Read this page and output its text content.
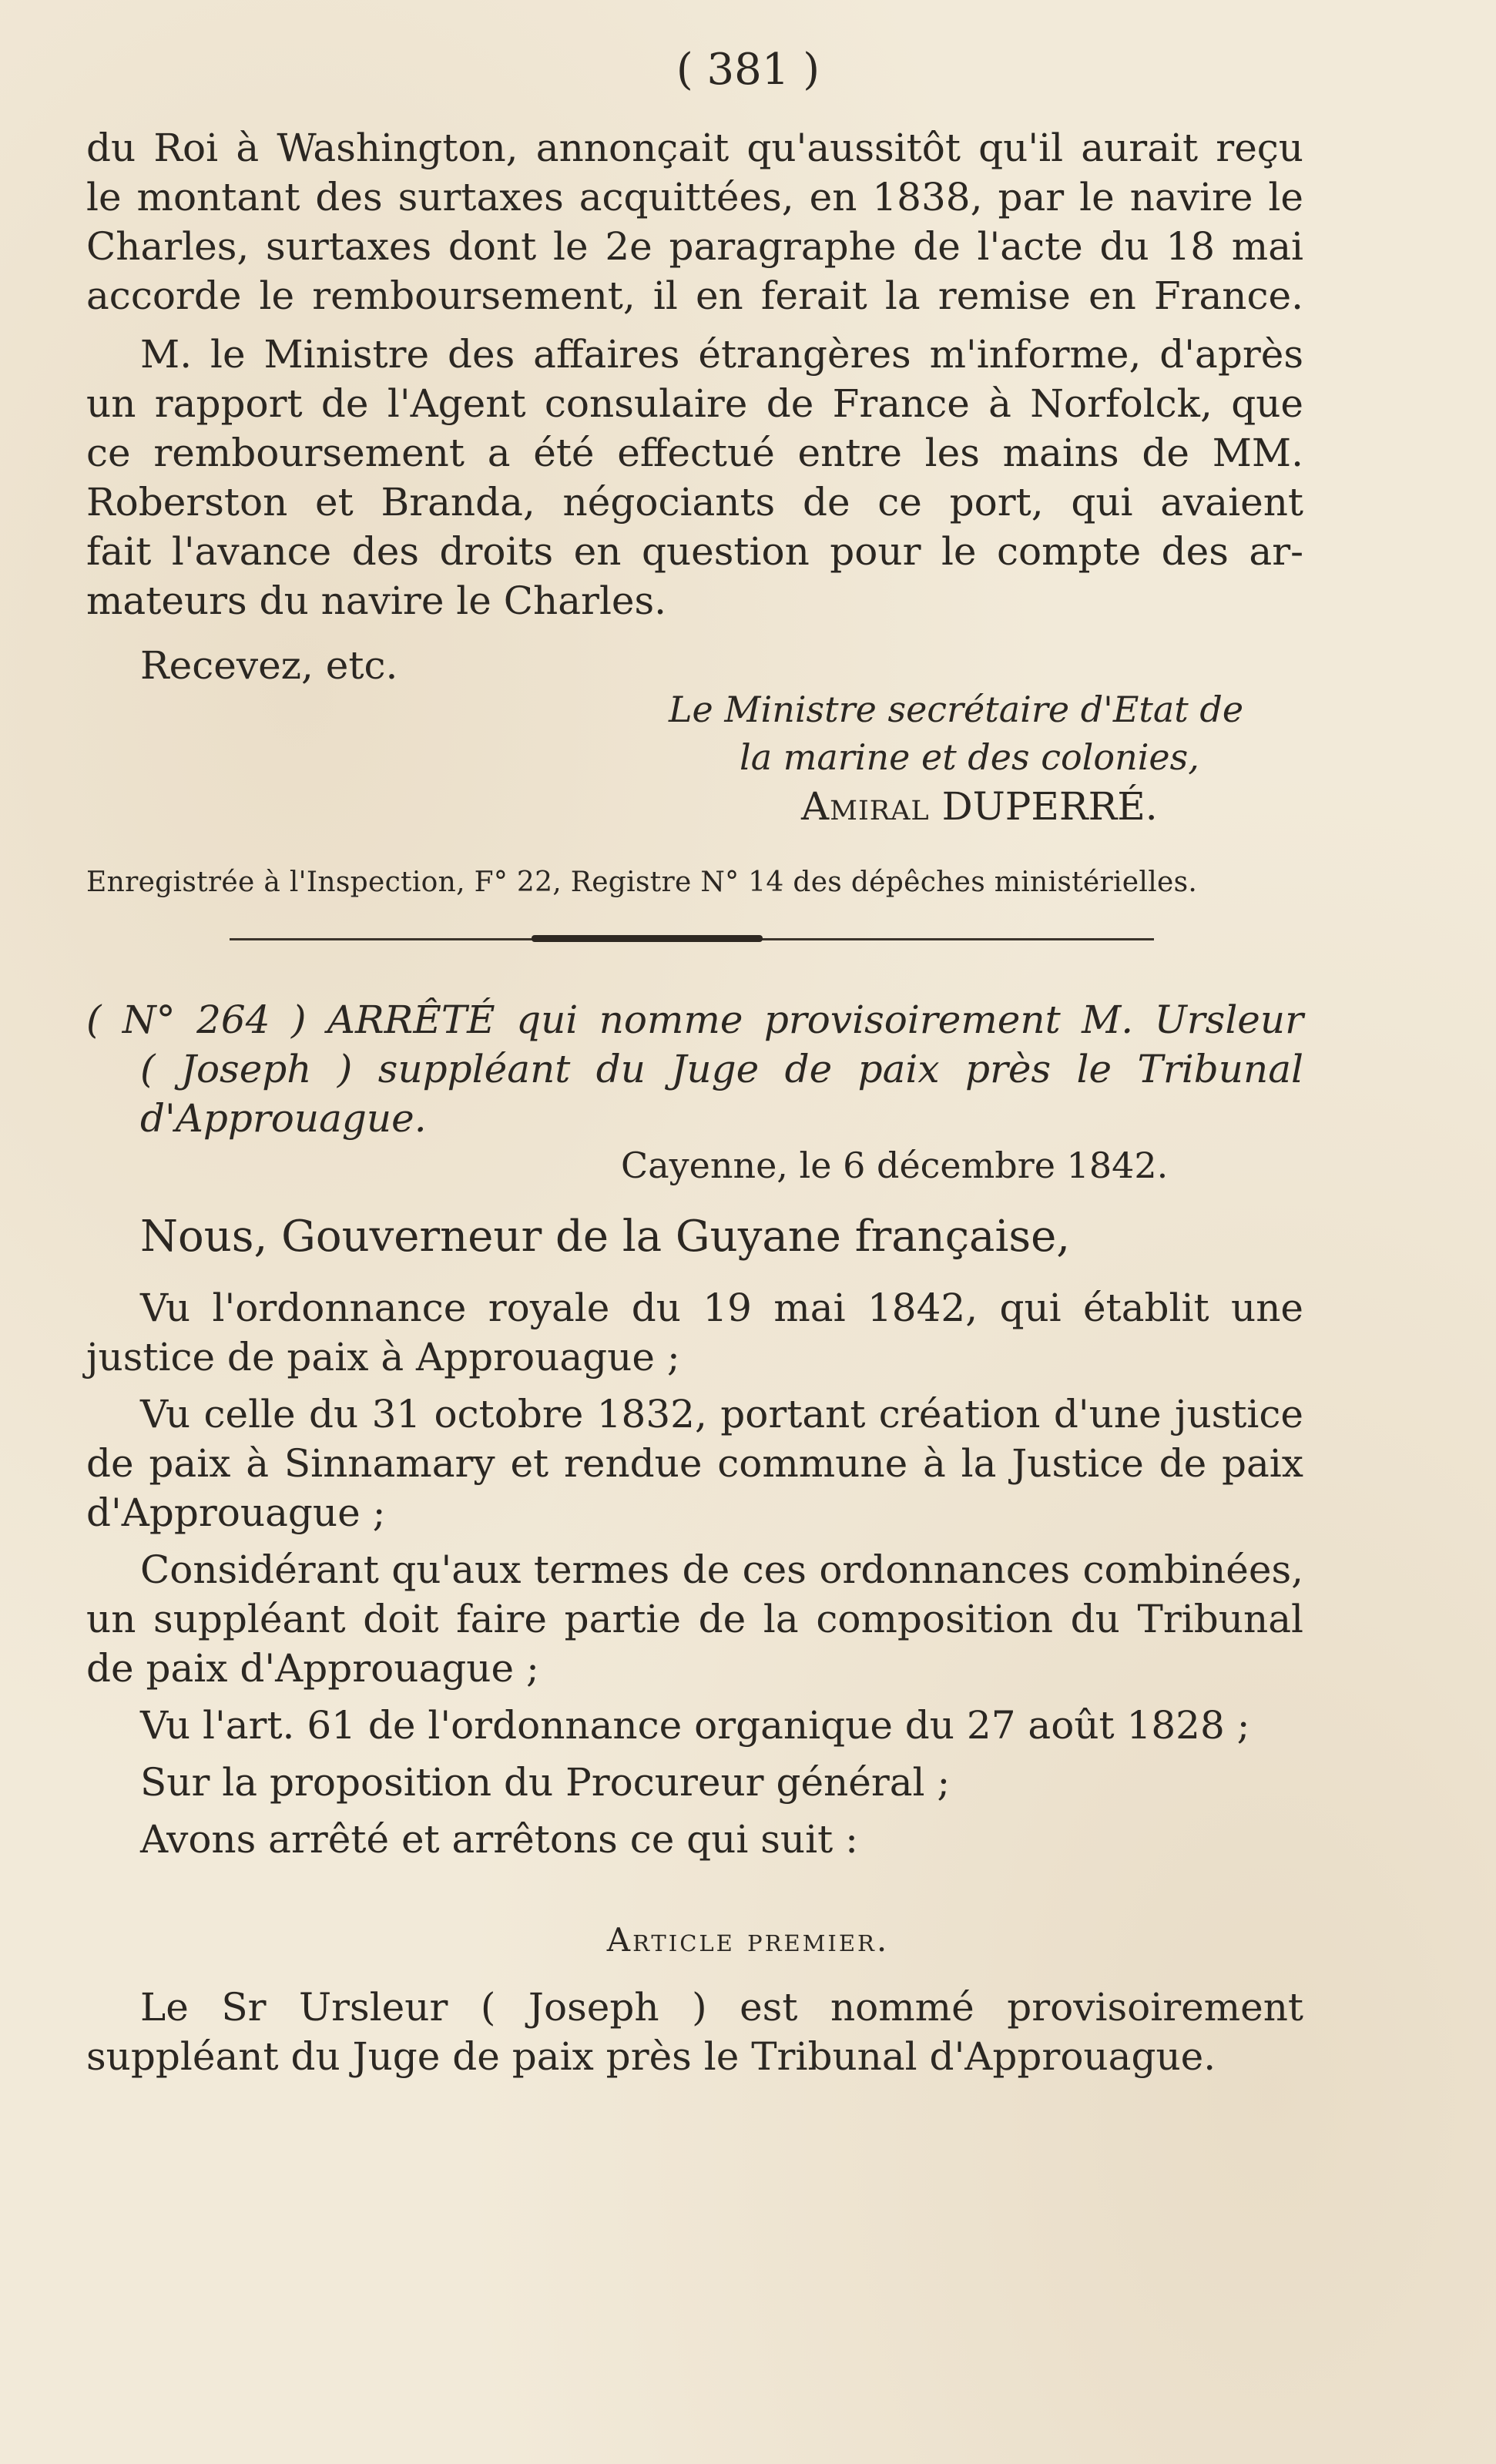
( 381 )
du Roi à Washington, annonçait qu'aussitôt qu'il aurait reçu
le montant des surtaxes acquittées, en 1838, par le navire le
Charles, surtaxes dont le 2e paragraphe de l'acte du 18 mai
accorde le remboursement, il en ferait la remise en France.
M. le Ministre des affaires étrangères m'informe, d'après
un rapport de l'Agent consulaire de France à Norfolck, que
ce remboursement a été effectué entre les mains de MM.
Roberston et Branda, négociants de ce port, qui avaient
fait l'avance des droits en question pour le compte des ar-
mateurs du navire le Charles.
Recevez, etc.
Le Ministre secrétaire d'Etat de
la marine et des colonies,
Amiral DUPERRÉ.
Enregistrée à l'Inspection, F° 22, Registre N° 14 des dépêches ministérielles.
( N° 264 ) ARRÊTÉ qui nomme provisoirement M. Ursleur
( Joseph ) suppléant du Juge de paix près le Tribunal
d'Approuague.
Cayenne, le 6 décembre 1842.
Nous, Gouverneur de la Guyane française,
Vu l'ordonnance royale du 19 mai 1842, qui établit une
justice de paix à Approuague ;
Vu celle du 31 octobre 1832, portant création d'une justice
de paix à Sinnamary et rendue commune à la Justice de paix
d'Approuague ;
Considérant qu'aux termes de ces ordonnances combinées,
un suppléant doit faire partie de la composition du Tribunal
de paix d'Approuague ;
Vu l'art. 61 de l'ordonnance organique du 27 août 1828 ;
Sur la proposition du Procureur général ;
Avons arrêté et arrêtons ce qui suit :
Article premier.
Le Sr Ursleur ( Joseph ) est nommé provisoirement
suppléant du Juge de paix près le Tribunal d'Approuague.
